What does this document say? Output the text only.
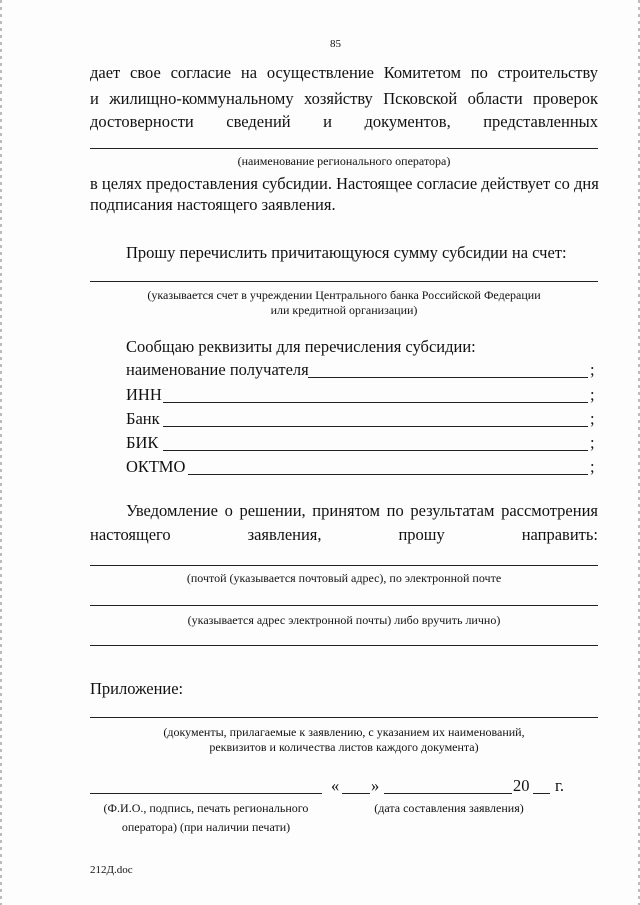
85
дает свое согласие на осуществление Комитетом по строительству
и жилищно-коммунальному хозяйству Псковской области проверок
достоверности сведений и документов, представленных
(наименование регионального оператора)
в целях предоставления субсидии. Настоящее согласие действует со дня
подписания настоящего заявления.
Прошу перечислить причитающуюся сумму субсидии на счет:
(указывается счет в учреждении Центрального банка Российской Федерации
или кредитной организации)
Сообщаю реквизиты для перечисления субсидии:
наименование получателя	;
ИНН	;
Банк	;
БИК	;
ОКТМО	;
Уведомление о решении, принятом по результатам рассмотрения
настоящего	заявления,	прошу	направить:
(почтой (указывается почтовый адрес), по электронной почте
(указывается адрес электронной почты) либо вручить лично)
Приложение:
(документы, прилагаемые к заявлению, с указанием их наименований,
реквизитов и количества листов каждого документа)
« »	20 г.
(Ф.И.О., подпись, печать регионального
оператора) (при наличии печати)
(дата составления заявления)
212Д.doc
